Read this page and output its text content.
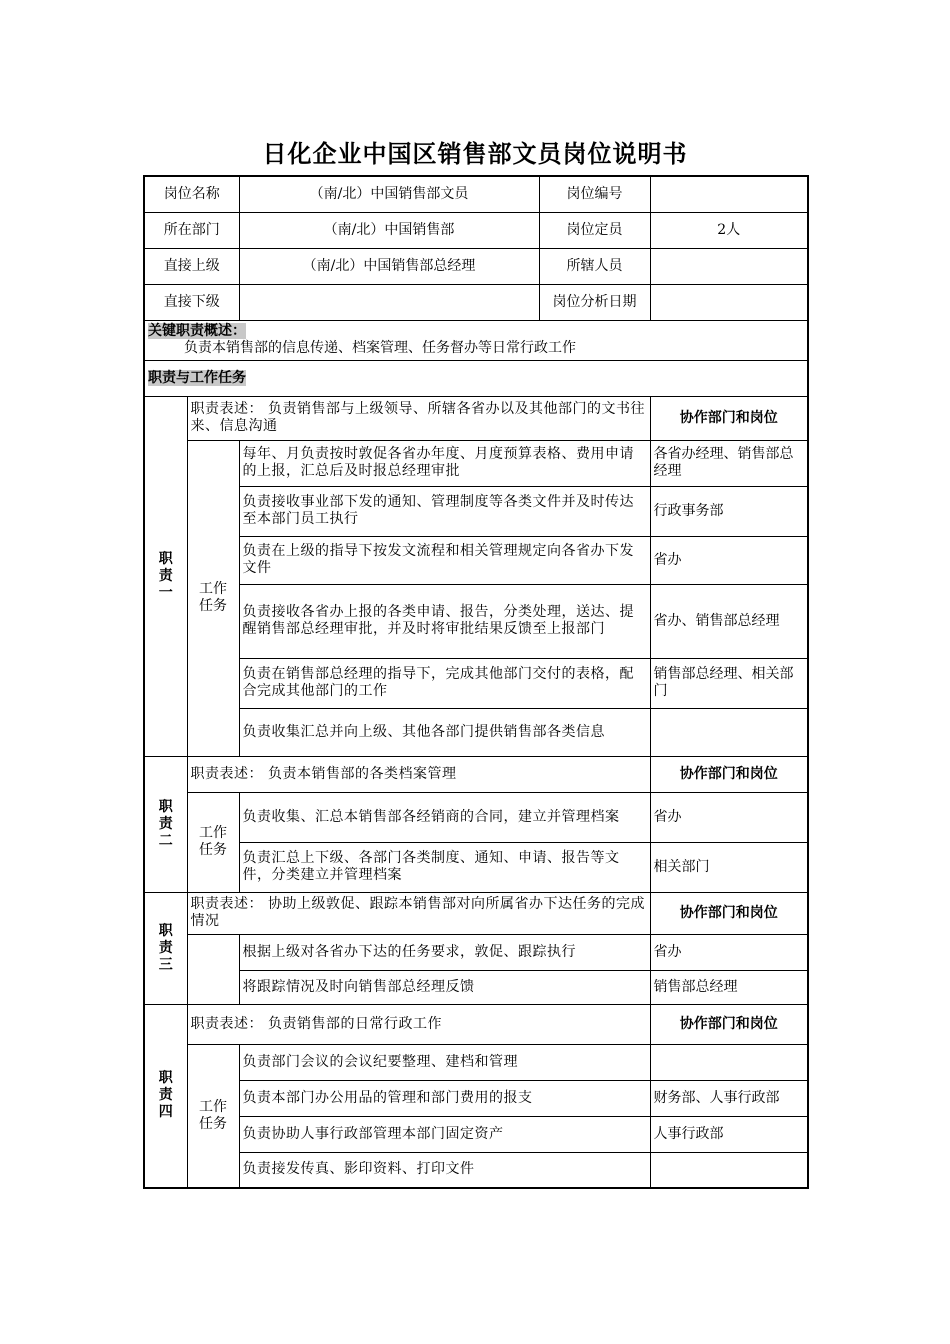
日化企业中国区销售部文员岗位说明书
岗位名称		（南/北）中国销售部文员	岗位编号	
所在部门		（南/北）中国销售部	岗位定员	2人
直接上级		（南/北）中国销售部总经理	所辖人员	
直接下级			岗位分析日期	

关键职责概述：
负责本销售部的信息传递、档案管理、任务督办等日常行政工作				

职责与工作任务				
职
责
一	职责表述： 负责销售部与上级领导、所辖各省办以及其他部门的文书往来、信息沟通			协作部门和岗位
	工作
任务	每年、月负责按时敦促各省办年度、月度预算表格、费用申请的上报，汇总后及时报总经理审批		各省办经理、销售部总经理
		负责接收事业部下发的通知、管理制度等各类文件并及时传达至本部门员工执行		行政事务部
		负责在上级的指导下按发文流程和相关管理规定向各省办下发文件		省办
		负责接收各省办上报的各类申请、报告，分类处理，送达、提醒销售部总经理审批，并及时将审批结果反馈至上报部门		省办、销售部总经理
		负责在销售部总经理的指导下，完成其他部门交付的表格，配合完成其他部门的工作		销售部总经理、相关部门
		负责收集汇总并向上级、其他各部门提供销售部各类信息		
职
责
二	职责表述： 负责本销售部的各类档案管理			协作部门和岗位
	工作
任务	负责收集、汇总本销售部各经销商的合同，建立并管理档案		省办
		负责汇总上下级、各部门各类制度、通知、申请、报告等文件，分类建立并管理档案		相关部门
职
责
三	职责表述： 协助上级敦促、跟踪本销售部对向所属省办下达任务的完成情况			协作部门和岗位
		根据上级对各省办下达的任务要求，敦促、跟踪执行		省办
		将跟踪情况及时向销售部总经理反馈		销售部总经理
职
责
四	职责表述： 负责销售部的日常行政工作			协作部门和岗位
	工作
任务	负责部门会议的会议纪要整理、建档和管理		
		负责本部门办公用品的管理和部门费用的报支		财务部、人事行政部
		负责协助人事行政部管理本部门固定资产		人事行政部
		负责接发传真、影印资料、打印文件		
